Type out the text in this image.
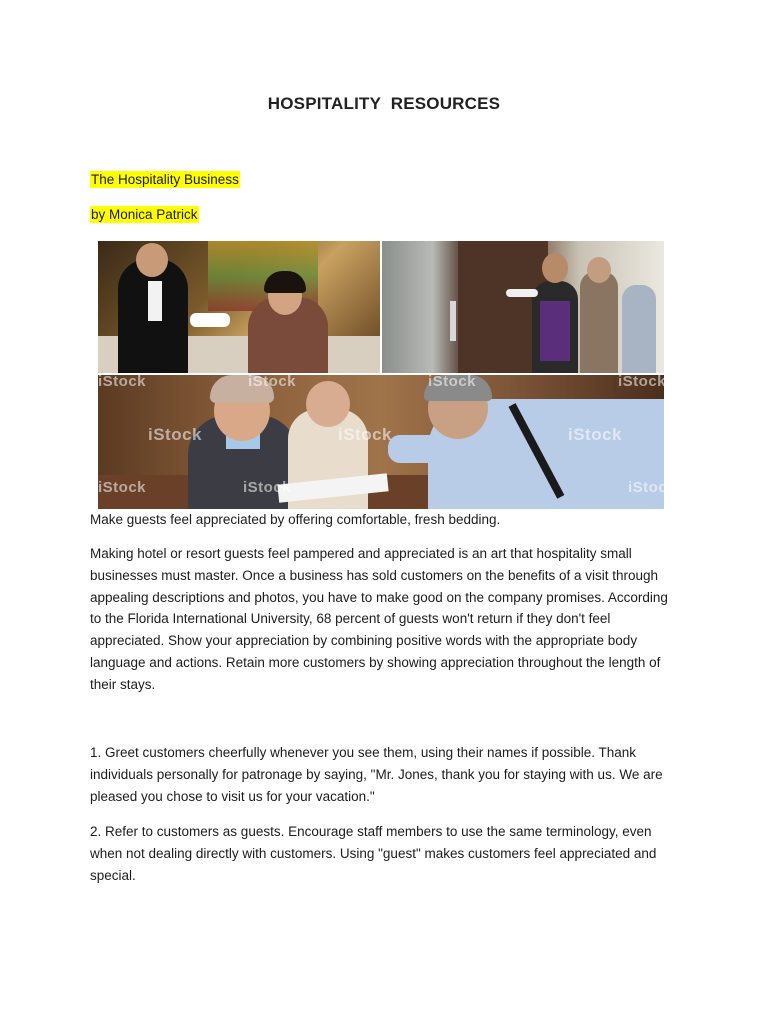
HOSPITALITY RESOURCES
The Hospitality Business
by Monica Patrick
iStock	iStock	iStock	iStock
iStock	iStock	iStock
iStock	iStock	iStock

Make guests feel appreciated by offering comfortable, fresh bedding.

Making hotel or resort guests feel pampered and appreciated is an art that hospitality small businesses must master. Once a business has sold customers on the benefits of a visit through appealing descriptions and photos, you have to make good on the company promises. According to the Florida International University, 68 percent of guests won't return if they don't feel appreciated. Show your appreciation by combining positive words with the appropriate body language and actions. Retain more customers by showing appreciation throughout the length of their stays.

1. Greet customers cheerfully whenever you see them, using their names if possible. Thank individuals personally for patronage by saying, "Mr. Jones, thank you for staying with us. We are pleased you chose to visit us for your vacation."

2. Refer to customers as guests. Encourage staff members to use the same terminology, even when not dealing directly with customers. Using "guest" makes customers feel appreciated and special.
